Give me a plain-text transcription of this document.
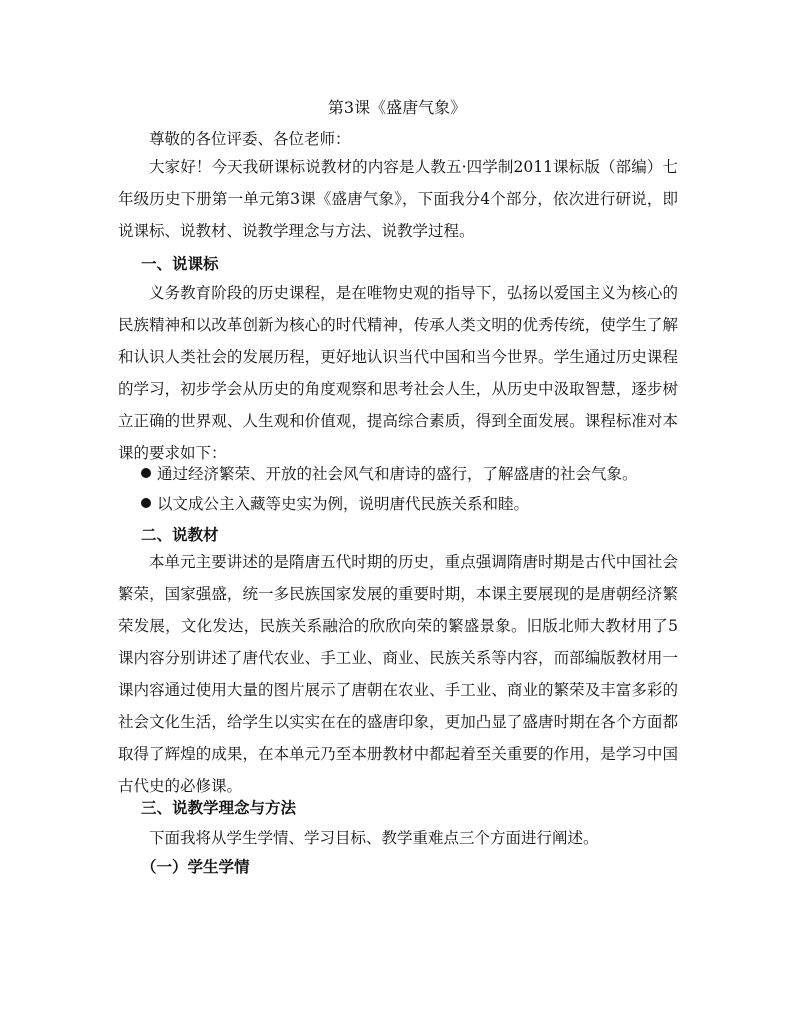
第3课《盛唐气象》
尊敬的各位评委、各位老师：

大家好！今天我研课标说教材的内容是人教五·四学制2011课标版（部编）七年级历史下册第一单元第3课《盛唐气象》，下面我分4个部分，依次进行研说，即说课标、说教材、说教学理念与方法、说教学过程。

一、说课标

义务教育阶段的历史课程，是在唯物史观的指导下，弘扬以爱国主义为核心的民族精神和以改革创新为核心的时代精神，传承人类文明的优秀传统，使学生了解和认识人类社会的发展历程，更好地认识当代中国和当今世界。学生通过历史课程的学习，初步学会从历史的角度观察和思考社会人生，从历史中汲取智慧，逐步树立正确的世界观、人生观和价值观，提高综合素质，得到全面发展。课程标准对本课的要求如下：

通过经济繁荣、开放的社会风气和唐诗的盛行，了解盛唐的社会气象。
以文成公主入藏等史实为例，说明唐代民族关系和睦。
二、说教材

本单元主要讲述的是隋唐五代时期的历史，重点强调隋唐时期是古代中国社会繁荣，国家强盛，统一多民族国家发展的重要时期，本课主要展现的是唐朝经济繁荣发展，文化发达，民族关系融洽的欣欣向荣的繁盛景象。旧版北师大教材用了5课内容分别讲述了唐代农业、手工业、商业、民族关系等内容，而部编版教材用一课内容通过使用大量的图片展示了唐朝在农业、手工业、商业的繁荣及丰富多彩的社会文化生活，给学生以实实在在的盛唐印象，更加凸显了盛唐时期在各个方面都取得了辉煌的成果，在本单元乃至本册教材中都起着至关重要的作用，是学习中国古代史的必修课。

三、说教学理念与方法
下面我将从学生学情、学习目标、教学重难点三个方面进行阐述。
（一）学生学情
